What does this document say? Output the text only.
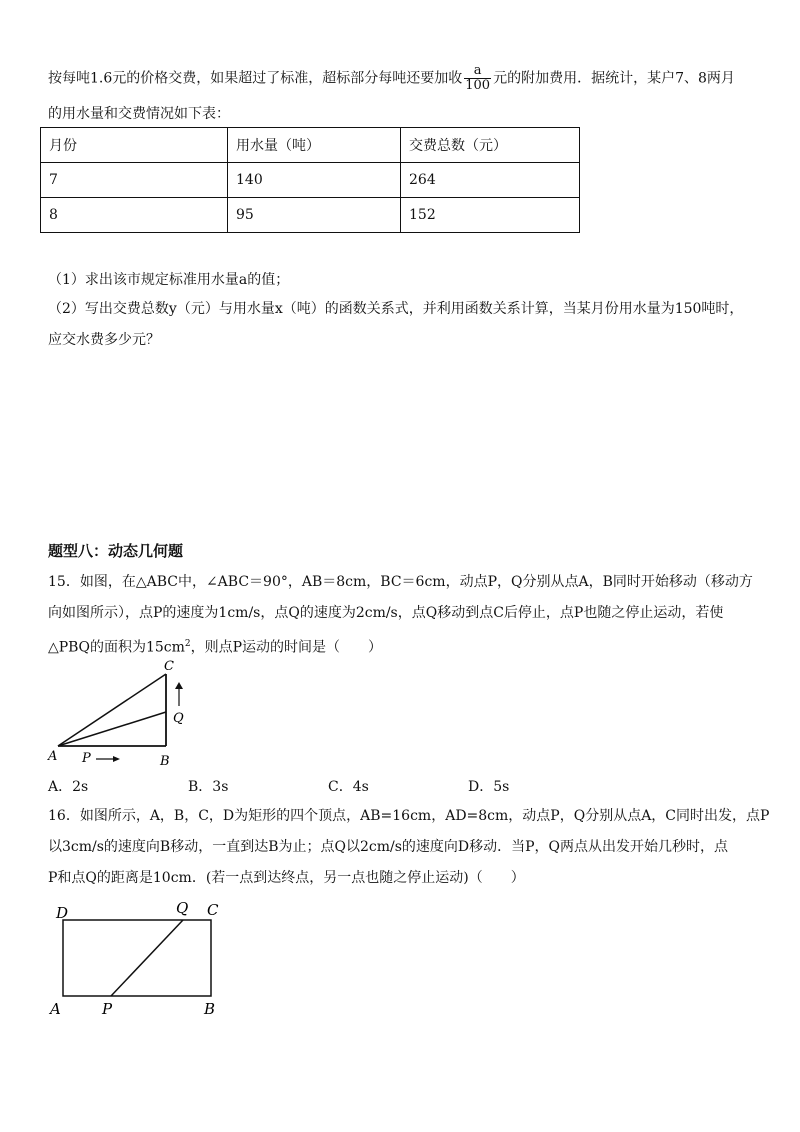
按每吨1.6元的价格交费，如果超过了标准，超标部分每吨还要加收 $\frac{a}{100}$ 元的附加费用．据统计，某户7、8两月
的用水量和交费情况如下表：
月份	用水量（吨）	交费总数（元）
7	140	264
8	95	152
（1）求出该市规定标准用水量a的值；
（2）写出交费总数y（元）与用水量x（吨）的函数关系式，并利用函数关系计算，当某月份用水量为150吨时，
应交水费多少元？
题型八：动态几何题
15．如图，在△ABC中，∠ABC＝90°，AB＝8cm，BC＝6cm，动点P，Q分别从点A，B同时开始移动（移动方
向如图所示），点P的速度为1cm/s，点Q的速度为2cm/s，点Q移动到点C后停止，点P也随之停止运动，若使
△PBQ的面积为$15cm^2$，则点P运动的时间是（　　）
A	B
C
P
Q
A．2s	B．3s	C．4s	D．5s
16．如图所示，A，B，C，D为矩形的四个顶点，AB=16cm，AD=8cm，动点P，Q分别从点A，C同时出发，点P
以3cm/s的速度向B移动，一直到达B为止；点Q以2cm/s的速度向D移动．当P，Q两点从出发开始几秒时，点
P和点Q的距离是10cm．(若一点到达终点，另一点也随之停止运动)（　　）
A	B
C
D
P
Q
